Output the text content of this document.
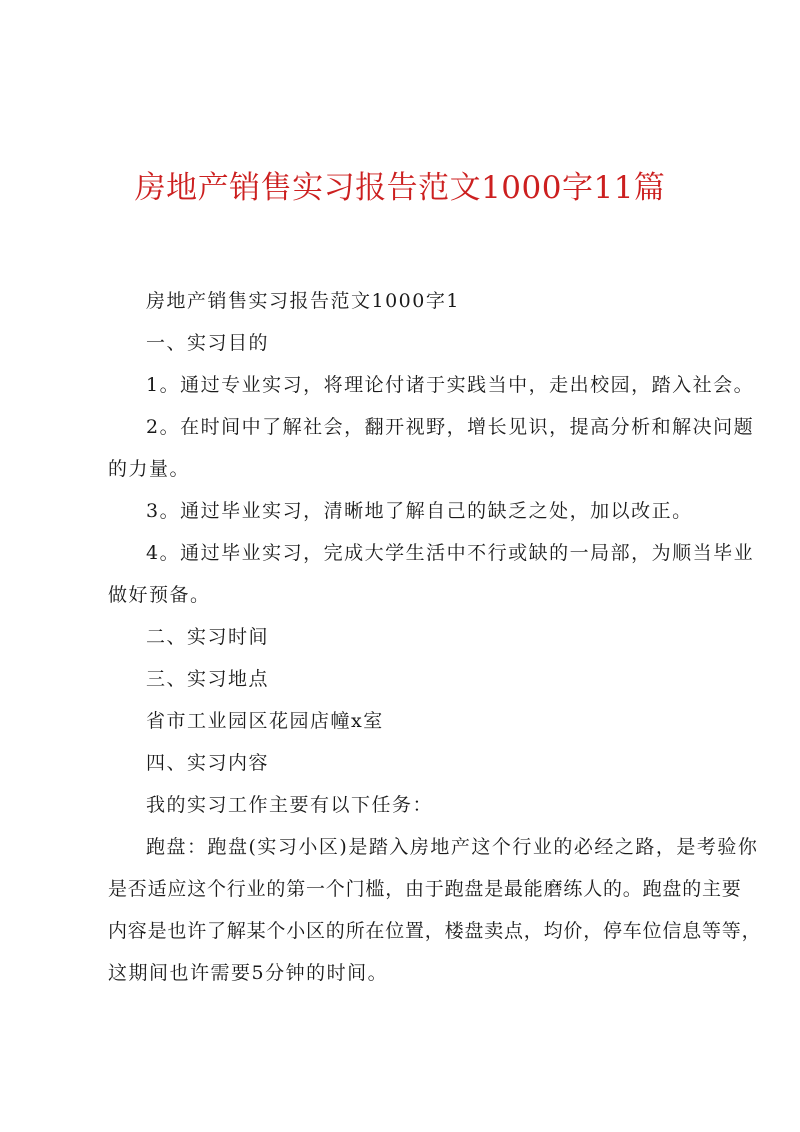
房地产销售实习报告范文1000字11篇
房地产销售实习报告范文1000字1
一、实习目的
1。通过专业实习，将理论付诸于实践当中，走出校园，踏入社会。
2。在时间中了解社会，翻开视野，增长见识，提高分析和解决问题
的力量。
3。通过毕业实习，清晰地了解自己的缺乏之处，加以改正。
4。通过毕业实习，完成大学生活中不行或缺的一局部，为顺当毕业
做好预备。
二、实习时间
三、实习地点
省市工业园区花园店幢x室
四、实习内容
我的实习工作主要有以下任务：
跑盘：跑盘(实习小区)是踏入房地产这个行业的必经之路，是考验你
是否适应这个行业的第一个门槛，由于跑盘是最能磨练人的。跑盘的主要
内容是也许了解某个小区的所在位置，楼盘卖点，均价，停车位信息等等，
这期间也许需要5分钟的时间。
